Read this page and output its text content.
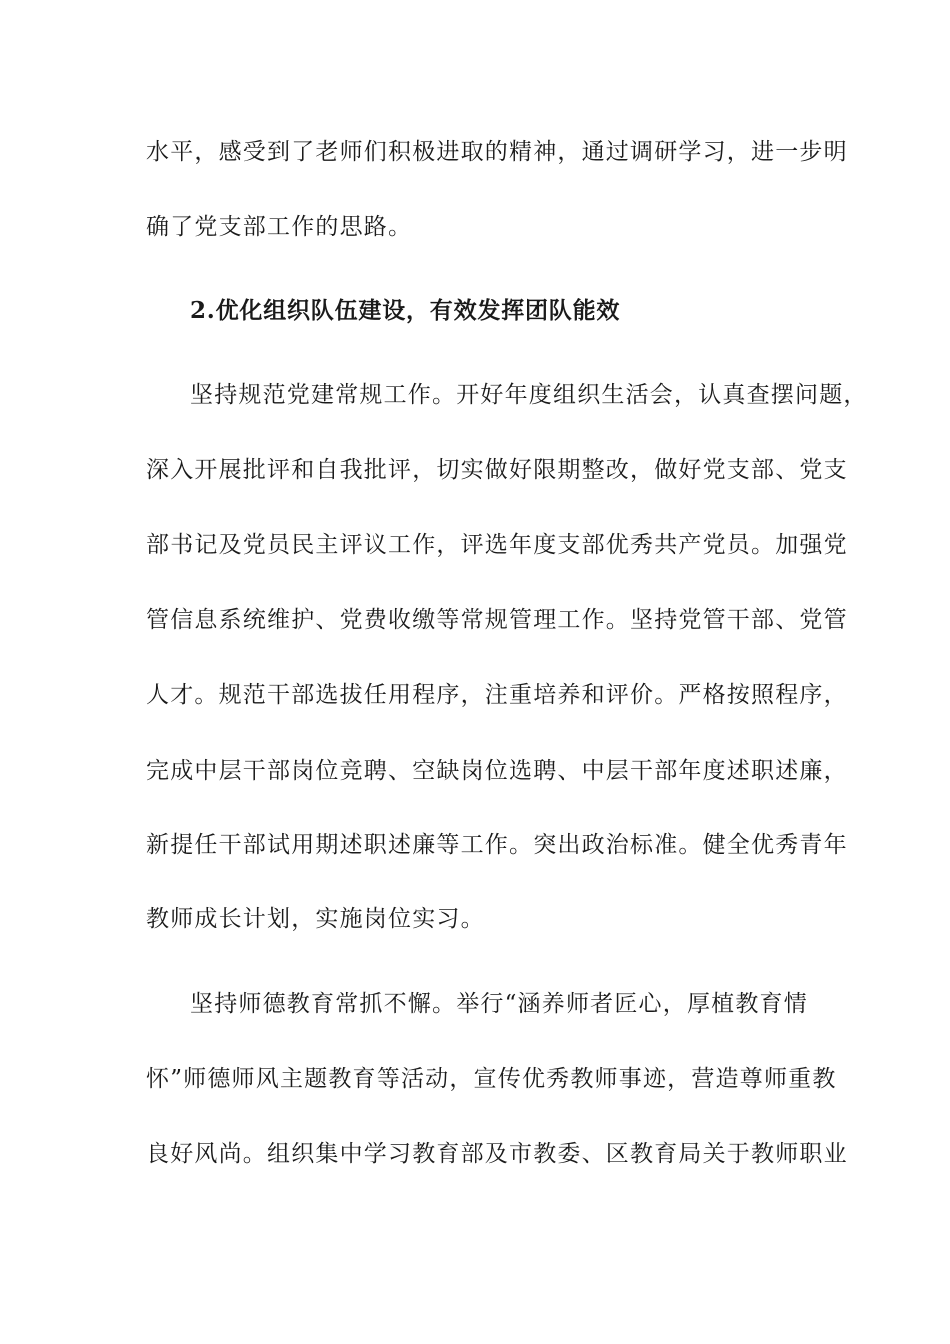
水平，感受到了老师们积极进取的精神，通过调研学习，进一步明
确了党支部工作的思路。
2.优化组织队伍建设，有效发挥团队能效
坚持规范党建常规工作。开好年度组织生活会，认真查摆问题，
深入开展批评和自我批评，切实做好限期整改，做好党支部、党支
部书记及党员民主评议工作，评选年度支部优秀共产党员。加强党
管信息系统维护、党费收缴等常规管理工作。坚持党管干部、党管
人才。规范干部选拔任用程序，注重培养和评价。严格按照程序，
完成中层干部岗位竞聘、空缺岗位选聘、中层干部年度述职述廉，
新提任干部试用期述职述廉等工作。突出政治标准。健全优秀青年
教师成长计划，实施岗位实习。
坚持师德教育常抓不懈。举行“涵养师者匠心，厚植教育情
怀”师德师风主题教育等活动，宣传优秀教师事迹，营造尊师重教
良好风尚。组织集中学习教育部及市教委、区教育局关于教师职业
